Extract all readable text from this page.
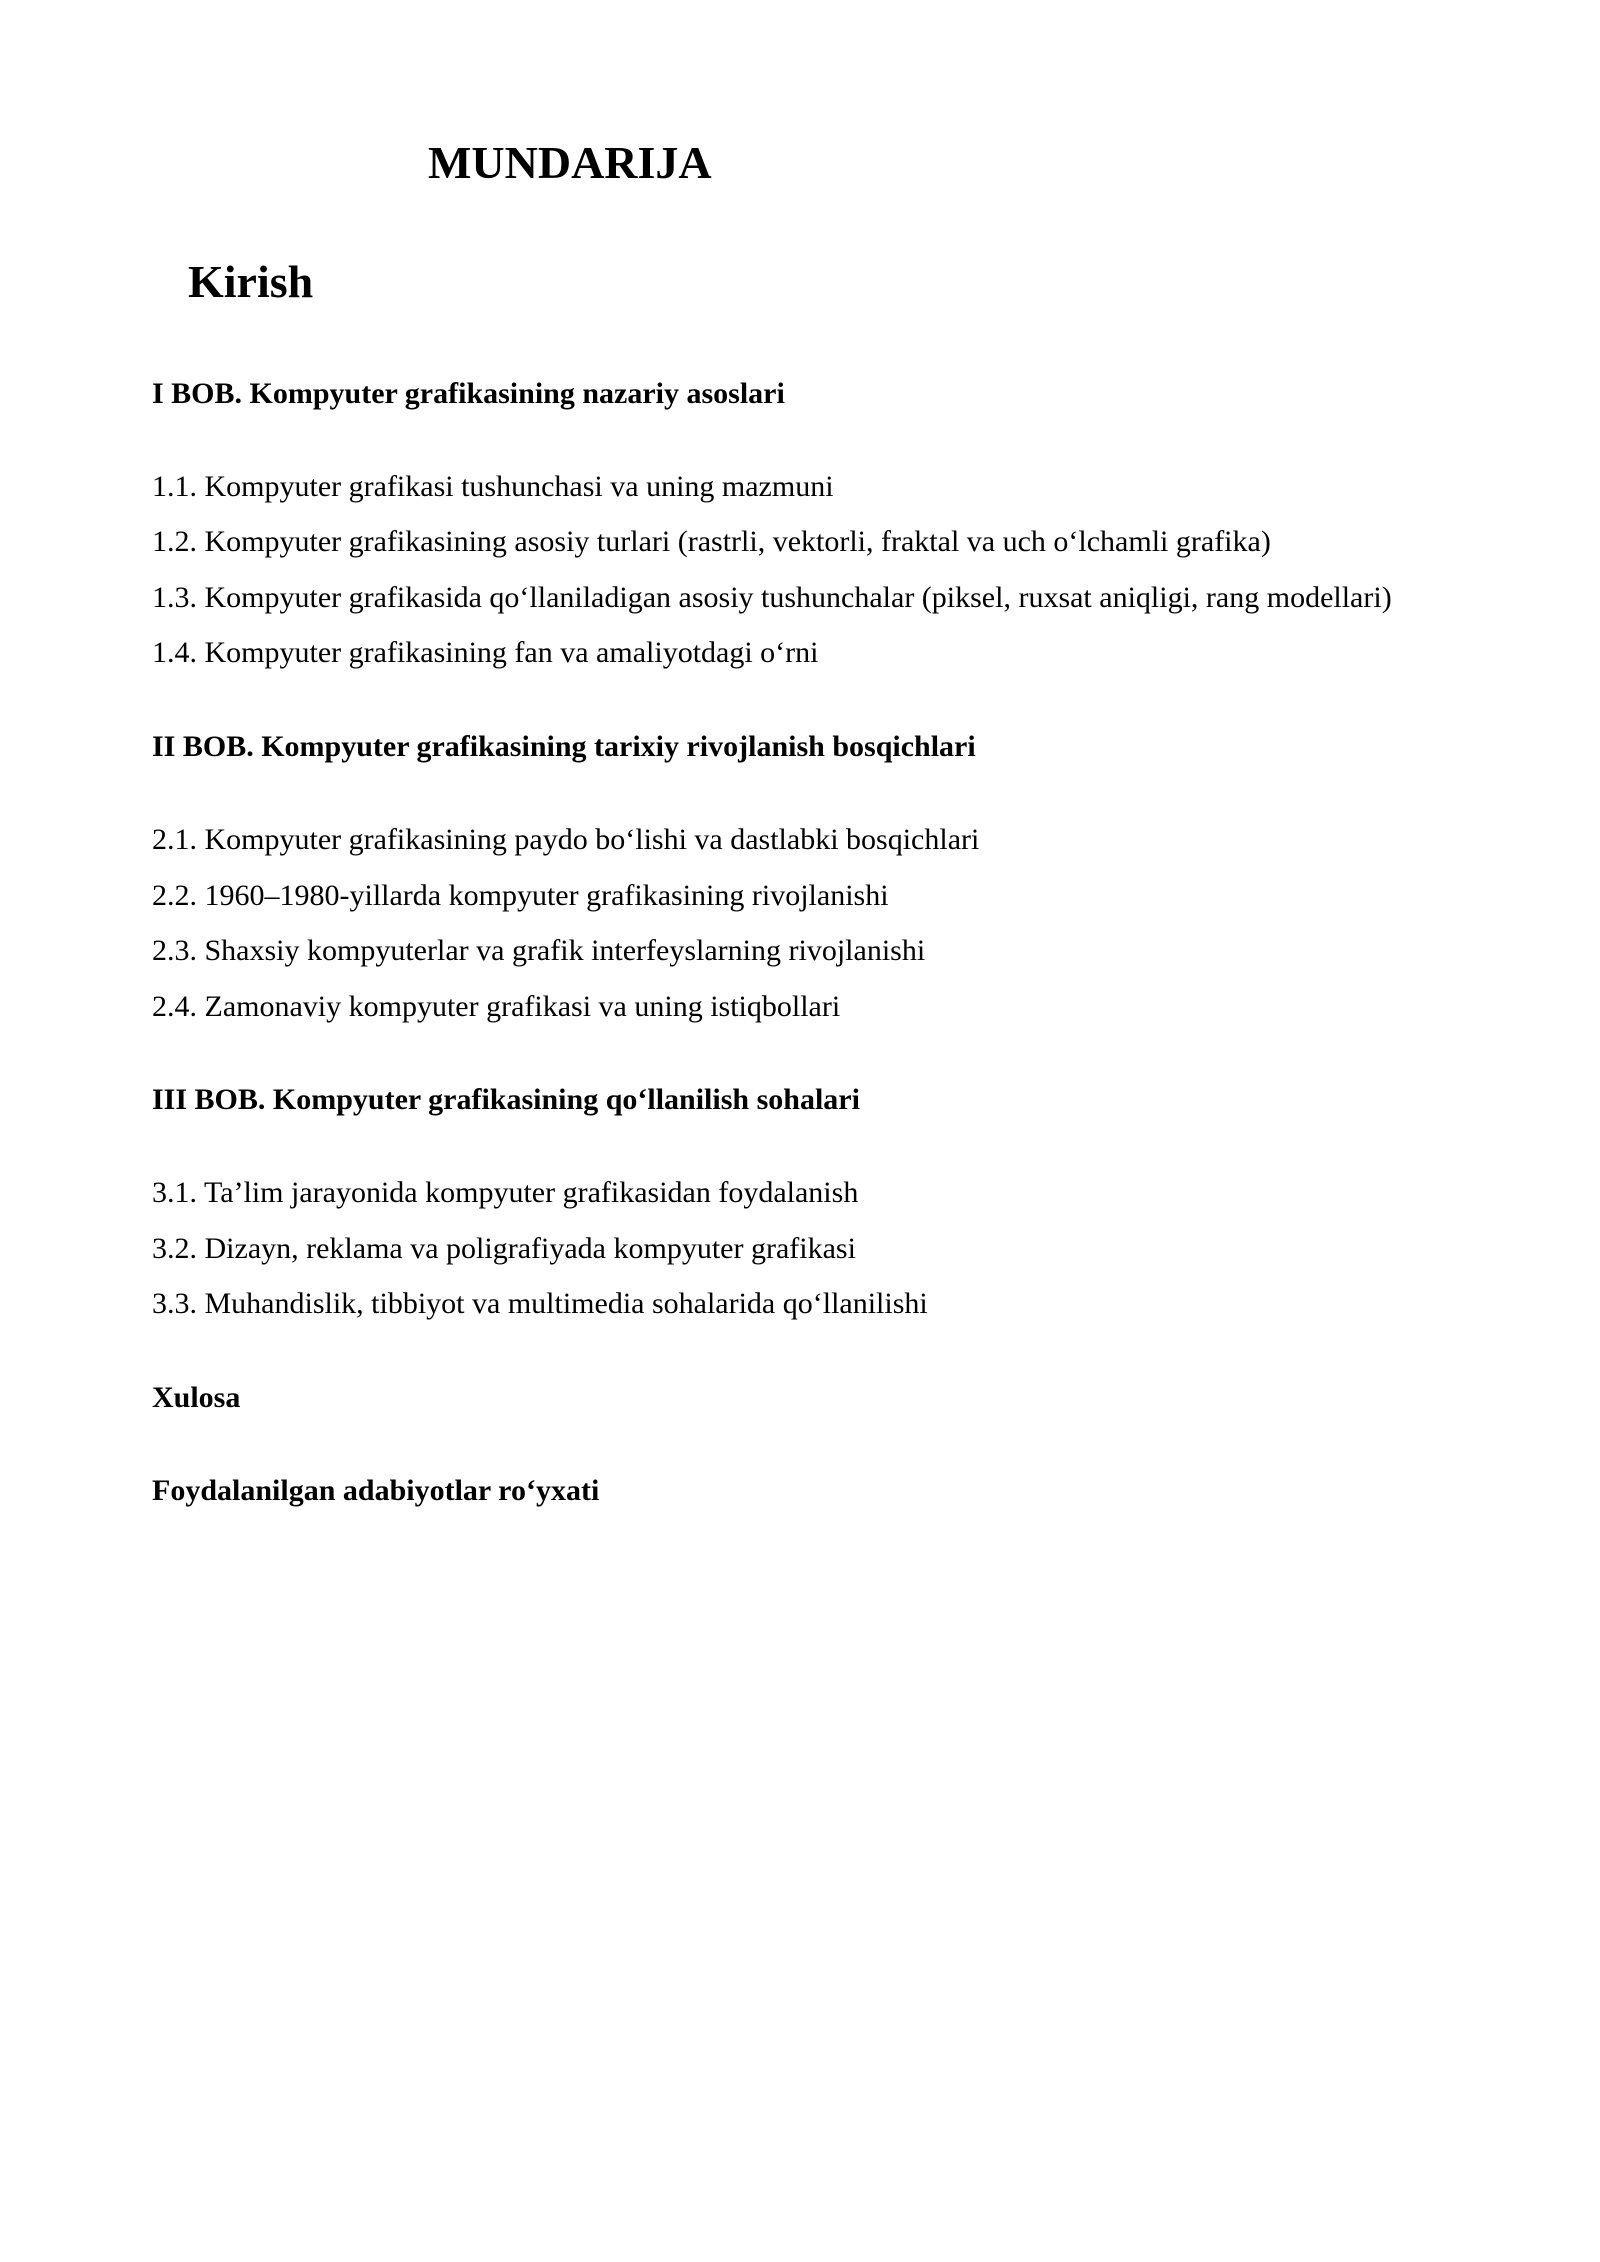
MUNDARIJA
Kirish

I BOB. Kompyuter grafikasining nazariy asoslari

1.1. Kompyuter grafikasi tushunchasi va uning mazmuni

1.2. Kompyuter grafikasining asosiy turlari (rastrli, vektorli, fraktal va uch o‘lchamli grafika)

1.3. Kompyuter grafikasida qo‘llaniladigan asosiy tushunchalar (piksel, ruxsat aniqligi, rang modellari)

1.4. Kompyuter grafikasining fan va amaliyotdagi o‘rni

II BOB. Kompyuter grafikasining tarixiy rivojlanish bosqichlari

2.1. Kompyuter grafikasining paydo bo‘lishi va dastlabki bosqichlari

2.2. 1960–1980-yillarda kompyuter grafikasining rivojlanishi

2.3. Shaxsiy kompyuterlar va grafik interfeyslarning rivojlanishi

2.4. Zamonaviy kompyuter grafikasi va uning istiqbollari

III BOB. Kompyuter grafikasining qo‘llanilish sohalari

3.1. Ta’lim jarayonida kompyuter grafikasidan foydalanish

3.2. Dizayn, reklama va poligrafiyada kompyuter grafikasi

3.3. Muhandislik, tibbiyot va multimedia sohalarida qo‘llanilishi

Xulosa

Foydalanilgan adabiyotlar ro‘yxati
